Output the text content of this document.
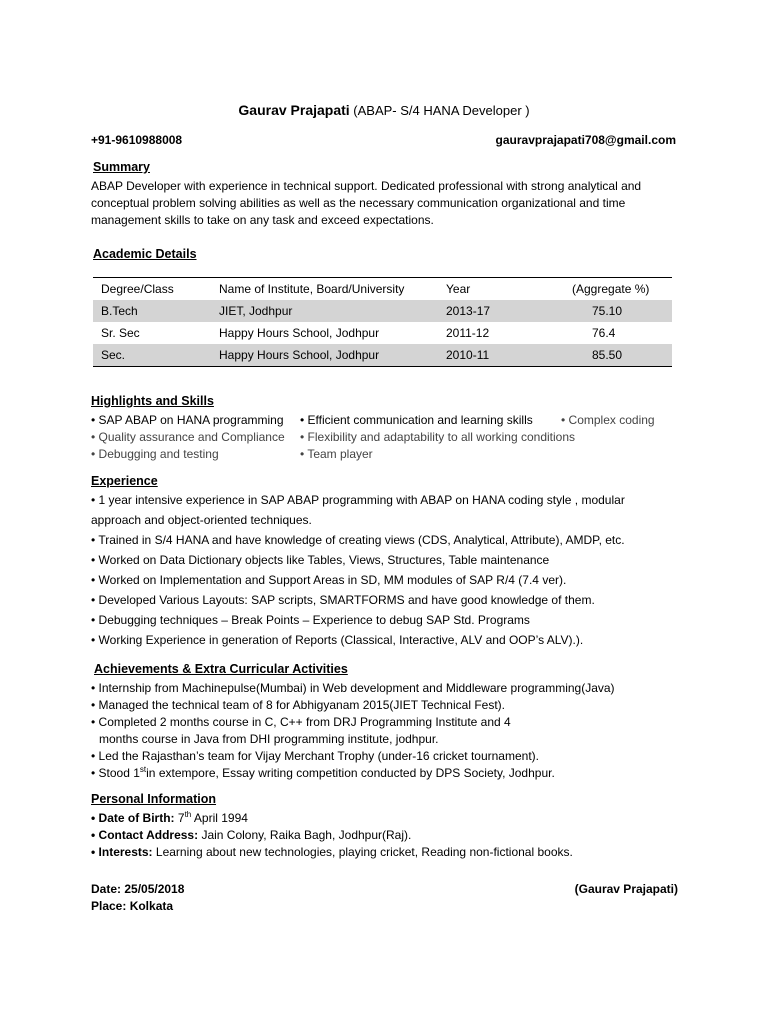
Gaurav Prajapati (ABAP- S/4 HANA Developer )
+91-9610988008	gauravprajapati708@gmail.com
Summary
ABAP Developer with experience in technical support. Dedicated professional with strong analytical and conceptual problem solving abilities as well as the necessary communication organizational and time management skills to take on any task and exceed expectations.
Academic Details
Degree/Class	Name of Institute, Board/University	Year	(Aggregate %)
B.Tech	JIET, Jodhpur	2013-17	75.10
Sr. Sec	Happy Hours School, Jodhpur	2011-12	76.4
Sec.	Happy Hours School, Jodhpur	2010-11	85.50
Highlights and Skills
• SAP ABAP on HANA programming • Efficient communication and learning skills • Complex coding
• Quality assurance and Compliance • Flexibility and adaptability to all working conditions
• Debugging and testing	• Team player
Experience
• 1 year intensive experience in SAP ABAP programming with ABAP on HANA coding style , modular
approach and object-oriented techniques.
• Trained in S/4 HANA and have knowledge of creating views (CDS, Analytical, Attribute), AMDP, etc.
• Worked on Data Dictionary objects like Tables, Views, Structures, Table maintenance
• Worked on Implementation and Support Areas in SD, MM modules of SAP R/4 (7.4 ver).
• Developed Various Layouts: SAP scripts, SMARTFORMS and have good knowledge of them.
• Debugging techniques – Break Points – Experience to debug SAP Std. Programs
• Working Experience in generation of Reports (Classical, Interactive, ALV and OOP’s ALV).).
Achievements & Extra Curricular Activities
• Internship from Machinepulse(Mumbai) in Web development and Middleware programming(Java)
• Managed the technical team of 8 for Abhigyanam 2015(JIET Technical Fest).
• Completed 2 months course in C, C++ from DRJ Programming Institute and 4
months course in Java from DHI programming institute, jodhpur.
• Led the Rajasthan’s team for Vijay Merchant Trophy (under-16 cricket tournament).
• Stood 1stin extempore, Essay writing competition conducted by DPS Society, Jodhpur.
Personal Information
• Date of Birth: 7th April 1994
• Contact Address: Jain Colony, Raika Bagh, Jodhpur(Raj).
• Interests: Learning about new technologies, playing cricket, Reading non-fictional books.
Date: 25/05/2018
Place: Kolkata
(Gaurav Prajapati)
